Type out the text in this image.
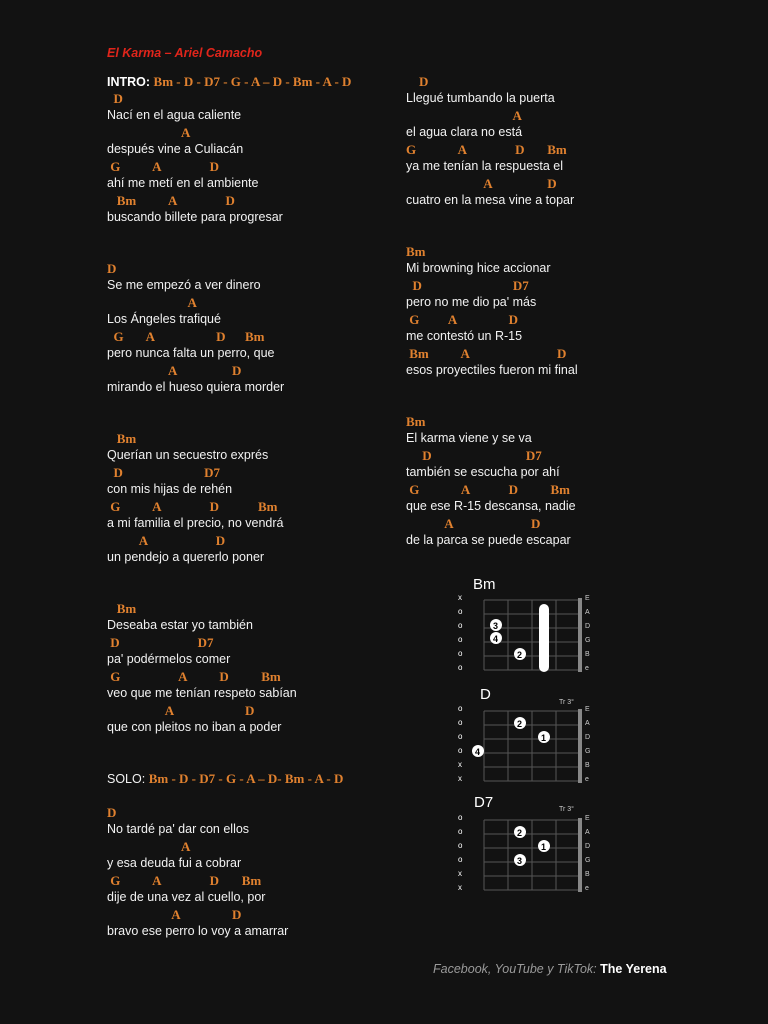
El Karma – Ariel Camacho
INTRO: Bm - D - D7 - G - A – D - Bm - A - D
D
Nací en el agua caliente
A
después vine a Culiacán
G          A               D
ahí me metí en el ambiente
Bm          A               D
buscando billete para progresar
D
Se me empezó a ver dinero
A
Los Ángeles trafiqué
G       A                   D      Bm
pero nunca falta un perro, que
A                 D
mirando el hueso quiera morder
Bm
Querían un secuestro exprés
D                         D7
con mis hijas de rehén
G          A               D            Bm
a mi familia el precio, no vendrá
A                     D
un pendejo a quererlo poner
Bm
Deseaba estar yo también
D                        D7
pa' podérmelos comer
G                  A          D          Bm
veo que me tenían respeto sabían
A                      D
que con pleitos no iban a poder
SOLO: Bm - D - D7 - G - A – D- Bm - A - D
D
No tardé pa' dar con ellos
A
y esa deuda fui a cobrar
G          A               D       Bm
dije de una vez al cuello, por
A                D
bravo ese perro lo voy a amarrar
D
Llegué tumbando la puerta
A
el agua clara no está
G             A               D       Bm
ya me tenían la respuesta el
A                 D
cuatro en la mesa vine a topar
Bm
Mi browning hice accionar
D                            D7
pero no me dio pa' más
G         A                D
me contestó un R-15
Bm          A                           D
esos proyectiles fueron mi final
Bm
El karma viene y se va
D                             D7
también se escucha por ahí
G             A            D          Bm
que ese R-15 descansa, nadie
A                        D
de la parca se puede escapar
Bm
x
o
o
o
o
o
3
4
2
E
A
D
G
B
e
D	Tr 3°
o
o
o
o
x
x
2
1
4
E
A
D
G
B
e
D7	Tr 3°
o
o
o
o
x
x
2
1
3
E
A
D
G
B
e
Facebook, YouTube y TikTok: The Yerena
